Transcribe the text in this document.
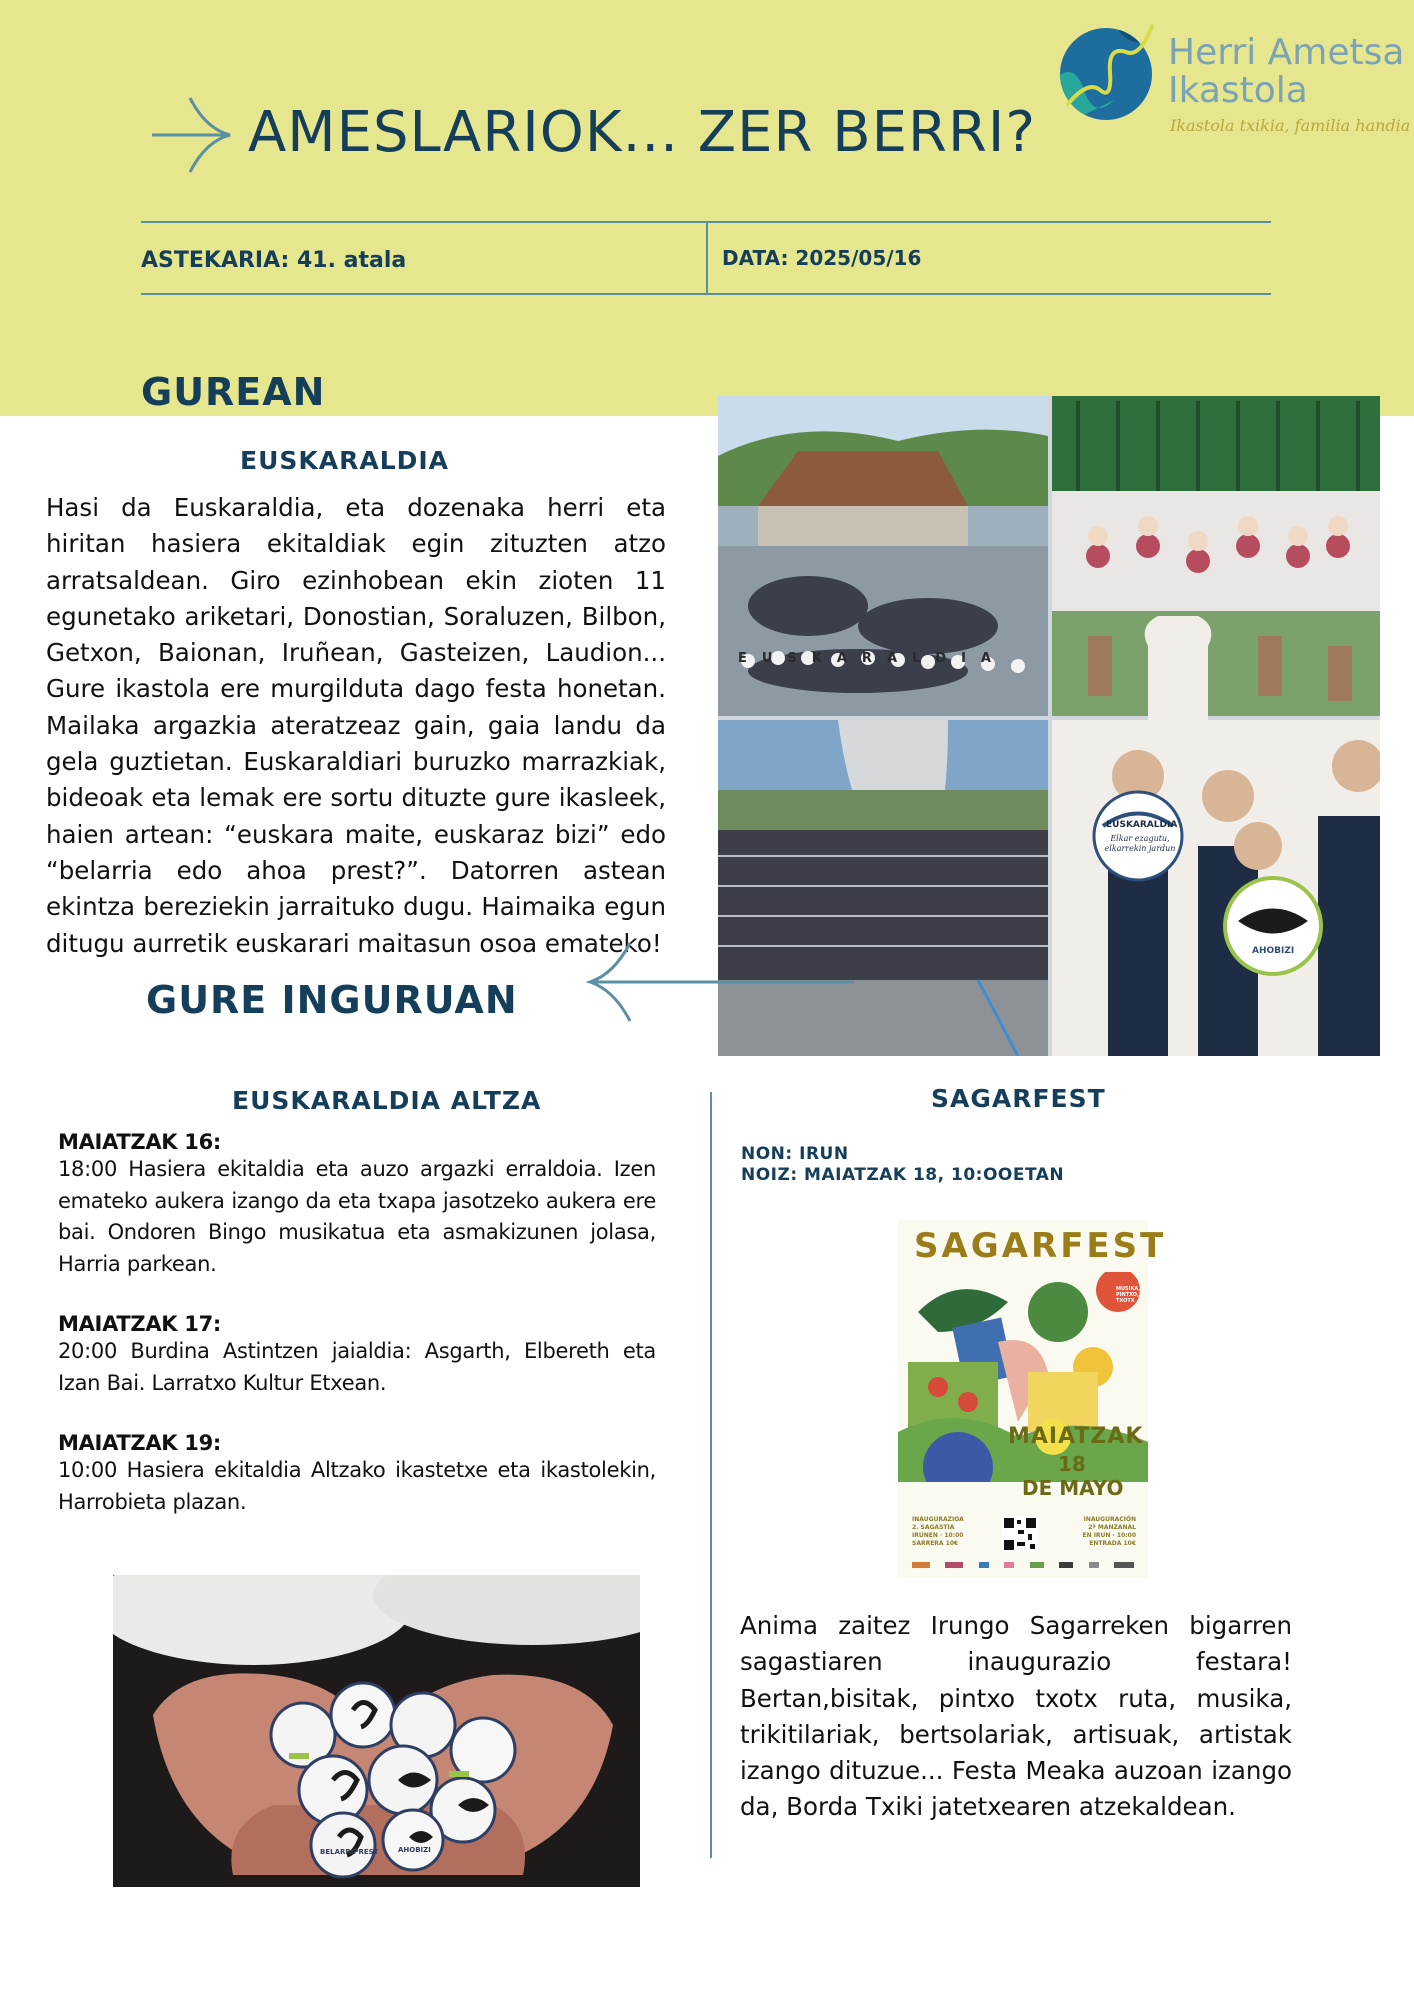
AMESLARIOK... ZER BERRI?
Herri Ametsa
Ikastola
Ikastola txikia, familia handia
ASTEKARIA: 41. atala	DATA: 2025/05/16
GUREAN
EUSKARALDIA
Hasi da Euskaraldia, eta dozenaka herri eta hiritan hasiera ekitaldiak egin zituzten atzo arratsaldean. Giro ezinhobean ekin zioten 11 egunetako ariketari, Donostian, Soraluzen, Bilbon, Getxon, Baionan, Iruñean, Gasteizen, Laudion... Gure ikastola ere murgilduta dago festa honetan. Mailaka argazkia ateratzeaz gain, gaia landu da gela guztietan. Euskaraldiari buruzko marrazkiak, bideoak eta lemak ere sortu dituzte gure ikasleek, haien artean: “euskara maite, euskaraz bizi” edo “belarria edo ahoa prest?”. Datorren astean ekintza bereziekin jarraituko dugu. Haimaika egun ditugu aurretik euskarari maitasun osoa emateko!
EUSKARALDIA
EUSKARALDIA
Elkar ezagutu, elkarrekin jardun
AHOBIZI
GURE INGURUAN
EUSKARALDIA ALTZA
MAIATZAK 16:
18:00 Hasiera ekitaldia eta auzo argazki erraldoia. Izen emateko aukera izango da eta txapa jasotzeko aukera ere bai. Ondoren Bingo musikatua eta asmakizunen jolasa, Harria parkean.
MAIATZAK 17:
20:00 Burdina Astintzen jaialdia: Asgarth, Elbereth eta Izan Bai. Larratxo Kultur Etxean.
MAIATZAK 19:
10:00 Hasiera ekitaldia Altzako ikastetxe eta ikastolekin, Harrobieta plazan.
BELARRIPREST	AHOBIZI
SAGARFEST
NON: IRUN
NOIZ: MAIATZAK 18, 10:OOETAN
SAGARFEST
MAIATZAK
18
DE MAYO
MUSIKA, PINTXO, TXOTX
INAUGURAZIOA
2. SAGASTIA
IRUNEN · 10:00
SARRERA 10€
INAUGURACIÓN
2ª MANZANAL
EN IRUN · 10:00
ENTRADA 10€
Anima zaitez Irungo Sagarreken bigarren sagastiaren inaugurazio festara! Bertan,bisitak, pintxo txotx ruta, musika, trikitilariak, bertsolariak, artisuak, artistak izango dituzue... Festa Meaka auzoan izango da, Borda Txiki jatetxearen atzekaldean.
